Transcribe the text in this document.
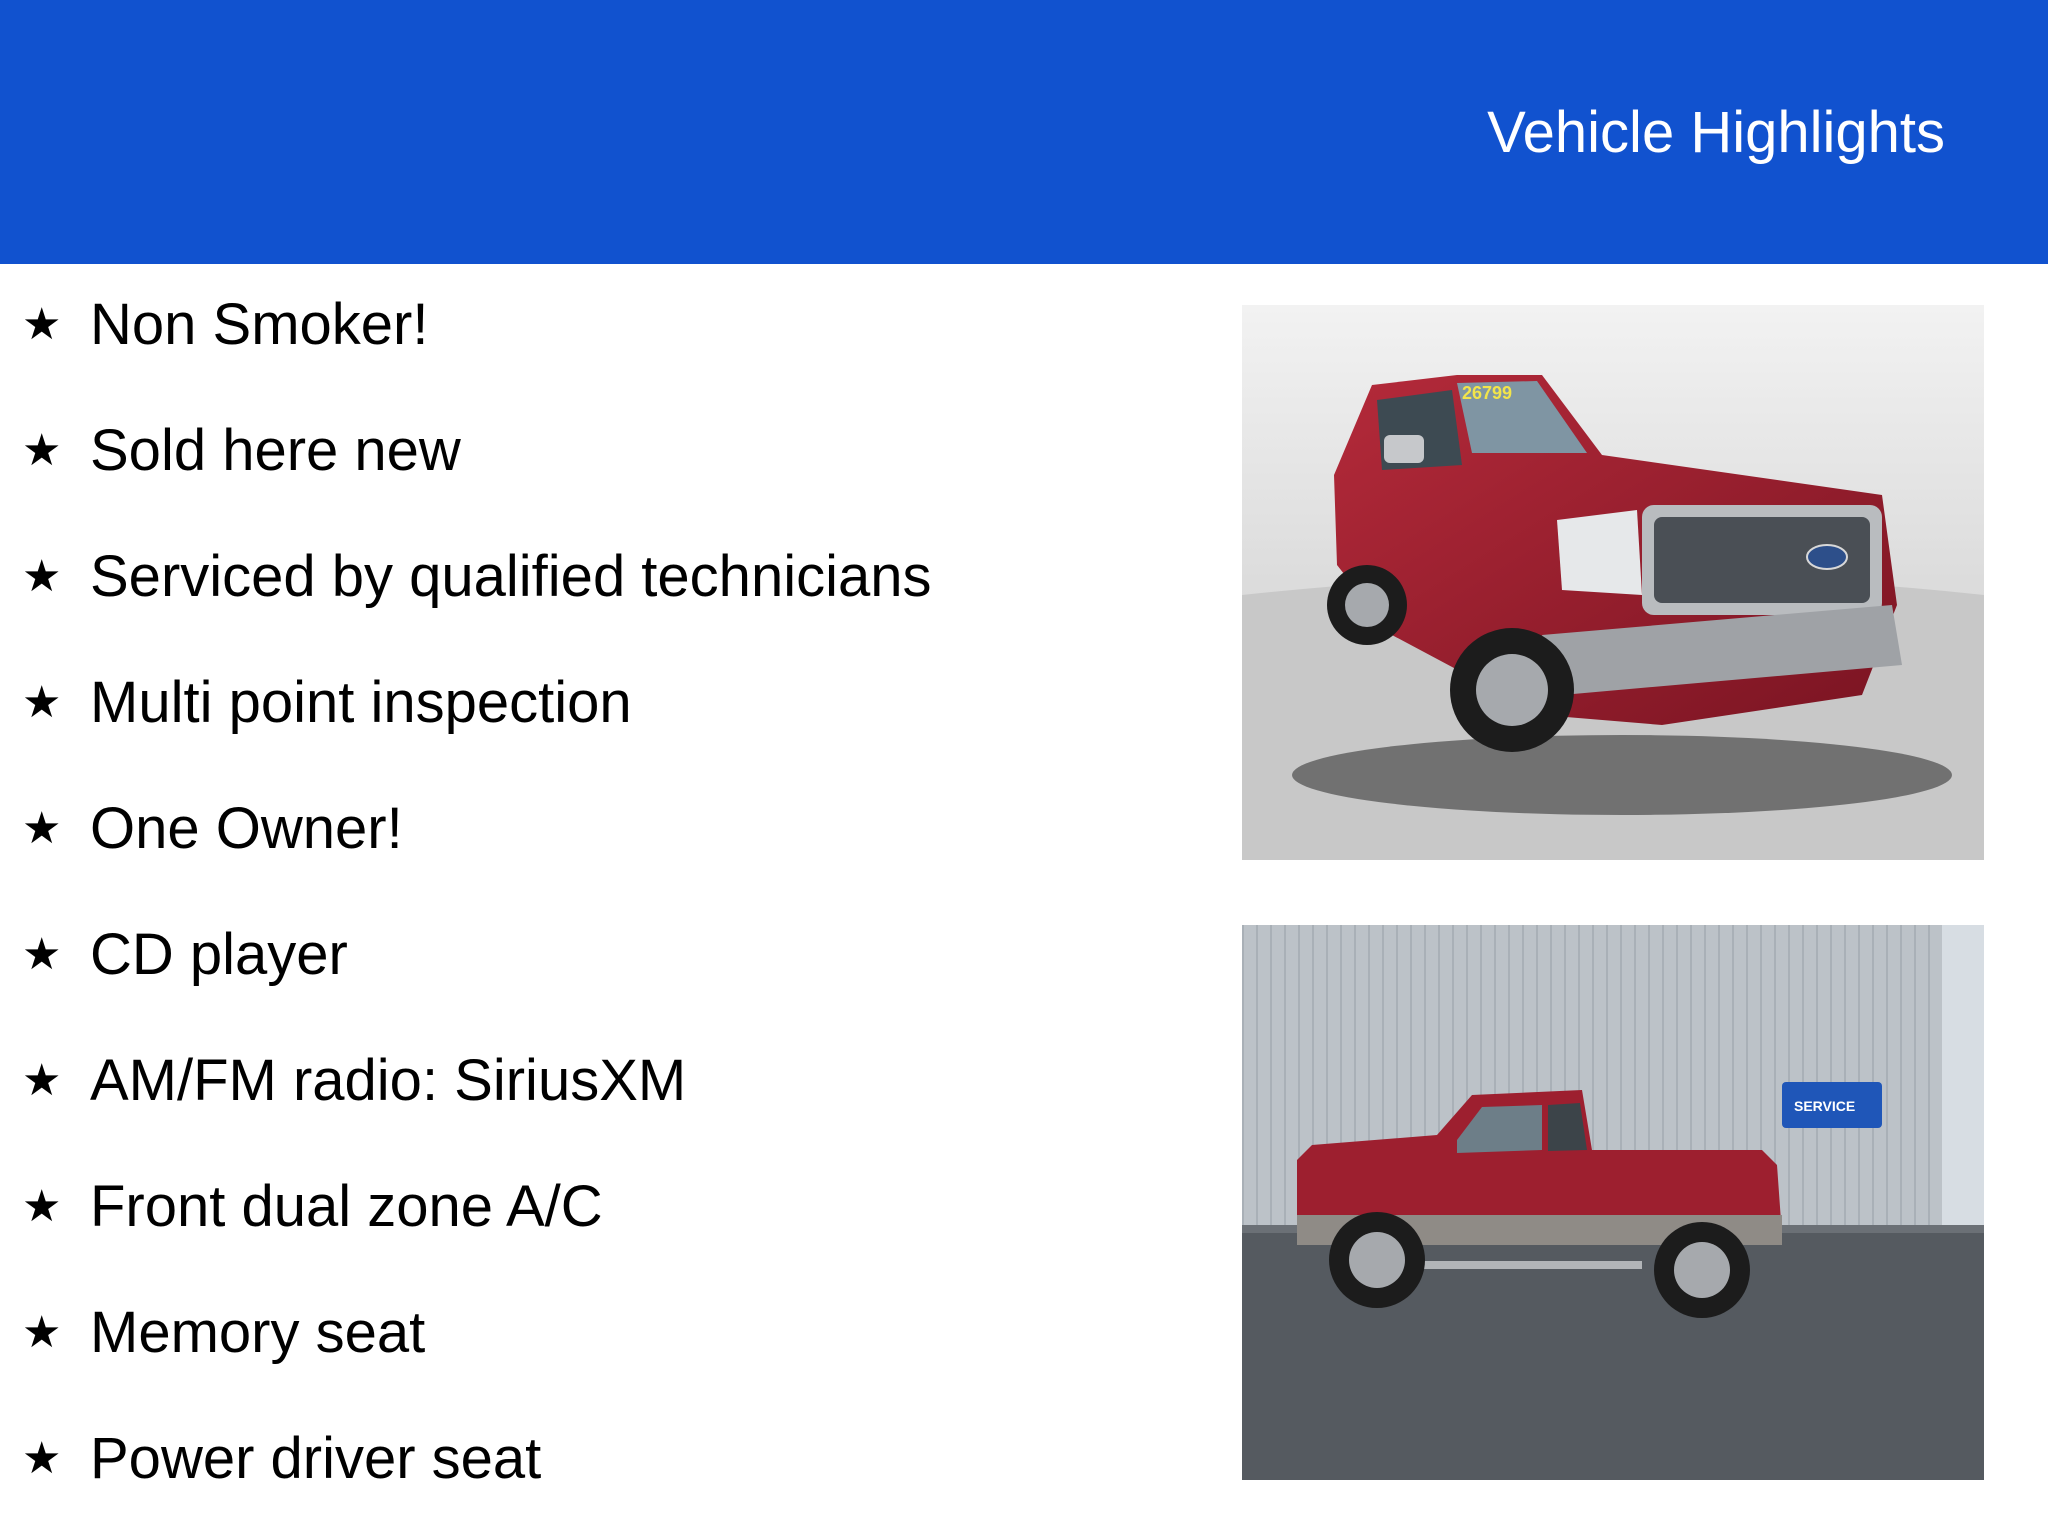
Vehicle Highlights
★ Non Smoker!
★ Sold here new
★ Serviced by qualified technicians
★ Multi point inspection
★ One Owner!
★ CD player
★ AM/FM radio: SiriusXM
★ Front dual zone A/C
★ Memory seat
★ Power driver seat
26799
SERVICE
